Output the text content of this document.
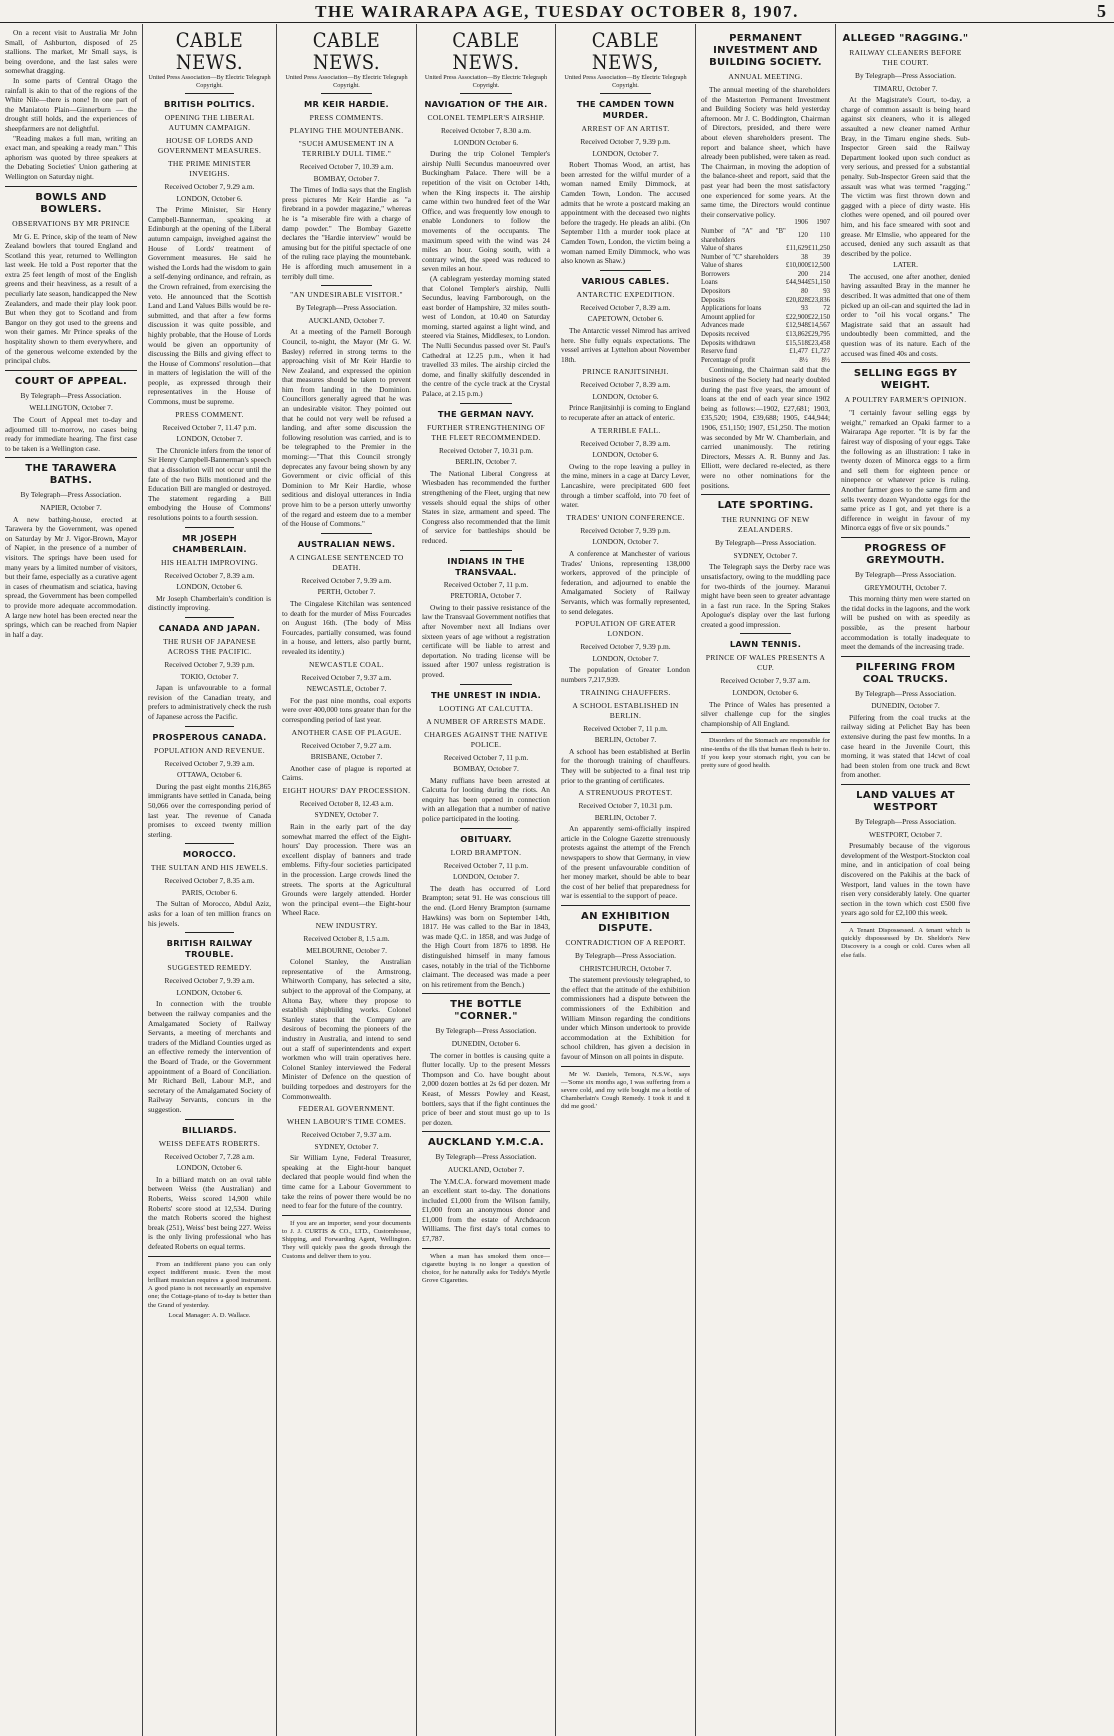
THE WAIRARAPA AGE, TUESDAY OCTOBER 8, 1907.	5

On a recent visit to Australia Mr John Small, of Ashburton, disposed of 25 stallions. The market, Mr Small says, is being overdone, and the last sales were somewhat dragging.

In some parts of Central Otago the rainfall is akin to that of the regions of the White Nile—there is none! In one part of the Maniatoto Plain—Ginnerburn — the drought still holds, and the experiences of sheepfarmers are not delightful.

"Reading makes a full man, writing an exact man, and speaking a ready man." This aphorism was quoted by three speakers at the Debating Societies' Union gathering at Wellington on Saturday night.

BOWLS AND BOWLERS.
OBSERVATIONS BY MR PRINCE

Mr G. E. Prince, skip of the team of New Zealand bowlers that toured England and Scotland this year, returned to Wellington last week. He told a Post reporter that the extra 25 feet length of most of the English greens and their heaviness, as a result of a peculiarly late season, handicapped the New Zealanders, and made their play look poor. But when they got to Scotland and from Bangor on they got used to the greens and won their games. Mr Prince speaks of the hospitality shown to them everywhere, and of the generous welcome extended by the principal clubs.

COURT OF APPEAL.
By Telegraph—Press Association.
WELLINGTON, October 7.

The Court of Appeal met to-day and adjourned till to-morrow, no cases being ready for immediate hearing. The first case to be taken is a Wellington case.

THE TARAWERA BATHS.
By Telegraph—Press Association.
NAPIER, October 7.

A new bathing-house, erected at Tarawera by the Government, was opened on Saturday by Mr J. Vigor-Brown, Mayor of Napier, in the presence of a number of visitors. The springs have been used for many years by a limited number of visitors, but their fame, especially as a curative agent in cases of rheumatism and sciatica, having spread, the Government has been compelled to provide more adequate accommodation. A large new hotel has been erected near the springs, which can be reached from Napier in half a day.

CABLE NEWS.
United Press Association—By Electric Telegraph Copyright.
BRITISH POLITICS.
OPENING THE LIBERAL AUTUMN CAMPAIGN.
HOUSE OF LORDS AND GOVERNMENT MEASURES.
THE PRIME MINISTER INVEIGHS.
Received October 7, 9.29 a.m.
LONDON, October 6.

The Prime Minister, Sir Henry Campbell-Bannerman, speaking at Edinburgh at the opening of the Liberal autumn campaign, inveighed against the House of Lords' treatment of Government measures. He said he wished the Lords had the wisdom to gain a self-denying ordinance, and refrain, as the Crown refrained, from exercising the veto. He announced that the Scottish Land and Land Values Bills would be re-submitted, and that after a few forms discussion it was quite possible, and highly probable, that the House of Lords would be given an opportunity of discussing the Bills and giving effect to the House of Commons' resolution—that in matters of legislation the will of the people, as expressed through their representatives in the House of Commons, must be supreme.

PRESS COMMENT.
Received October 7, 11.47 p.m.
LONDON, October 7.

The Chronicle infers from the tenor of Sir Henry Campbell-Bannerman's speech that a dissolution will not occur until the fate of the two Bills mentioned and the Education Bill are mangled or destroyed. The statement regarding a Bill embodying the House of Commons' resolutions points to a fourth session.

MR JOSEPH CHAMBERLAIN.
HIS HEALTH IMPROVING.
Received October 7, 8.39 a.m.
LONDON, October 6.

Mr Joseph Chamberlain's condition is distinctly improving.

CANADA AND JAPAN.
THE RUSH OF JAPANESE ACROSS THE PACIFIC.
Received October 7, 9.39 p.m.
TOKIO, October 7.

Japan is unfavourable to a formal revision of the Canadian treaty, and prefers to administratively check the rush of Japanese across the Pacific.

PROSPEROUS CANADA.
POPULATION AND REVENUE.
Received October 7, 9.39 a.m.
OTTAWA, October 6.

During the past eight months 216,865 immigrants have settled in Canada, being 50,066 over the corresponding period of last year. The revenue of Canada promises to exceed twenty million sterling.

MOROCCO.
THE SULTAN AND HIS JEWELS.
Received October 7, 8.35 a.m.
PARIS, October 6.

The Sultan of Morocco, Abdul Aziz, asks for a loan of ten million francs on his jewels.

BRITISH RAILWAY TROUBLE.
SUGGESTED REMEDY.
Received October 7, 9.39 a.m.
LONDON, October 6.

In connection with the trouble between the railway companies and the Amalgamated Society of Railway Servants, a meeting of merchants and traders of the Midland Counties urged as an effective remedy the intervention of the Board of Trade, or the Government appointment of a Board of Conciliation. Mr Richard Bell, Labour M.P., and secretary of the Amalgamated Society of Railway Servants, concurs in the suggestion.

BILLIARDS.
WEISS DEFEATS ROBERTS.
Received October 7, 7.28 a.m.
LONDON, October 6.

In a billiard match on an oval table between Weiss (the Australian) and Roberts, Weiss scored 14,900 while Roberts' score stood at 12,534. During the match Roberts scored the highest break (251), Weiss' best being 227. Weiss is the only living professional who has defeated Roberts on equal terms.

From an indifferent piano you can only expect indifferent music. Even the most brilliant musician requires a good instrument. A good piano is not necessarily an expensive one; the Cottage-piano of to-day is better than the Grand of yesterday.

Local Manager: A. D. Wallace.
CABLE NEWS.
United Press Association—By Electric Telegraph Copyright.
MR KEIR HARDIE.
PRESS COMMENTS.
PLAYING THE MOUNTEBANK.
"SUCH AMUSEMENT IN A TERRIBLY DULL TIME."
Received October 7, 10.39 a.m.
BOMBAY, October 7.

The Times of India says that the English press pictures Mr Keir Hardie as "a firebrand in a powder magazine," whereas he is "a miserable fire with a charge of damp powder." The Bombay Gazette declares the "Hardie interview" would be amusing but for the pitiful spectacle of one of the ruling race playing the mountebank. He is affording much amusement in a terribly dull time.

"AN UNDESIRABLE VISITOR."
By Telegraph—Press Association.
AUCKLAND, October 7.

At a meeting of the Parnell Borough Council, to-night, the Mayor (Mr G. W. Basley) referred in strong terms to the approaching visit of Mr Keir Hardie to New Zealand, and expressed the opinion that measures should be taken to prevent him from landing in the Dominion. Councillors generally agreed that he was an undesirable visitor. They pointed out that he could not very well be refused a landing, and after some discussion the following resolution was carried, and is to be telegraphed to the Premier in the morning:—"That this Council strongly deprecates any favour being shown by any Government or civic official of this Dominion to Mr Keir Hardie, whose seditious and disloyal utterances in India prove him to be a person utterly unworthy of the regard and esteem due to a member of the House of Commons."

AUSTRALIAN NEWS.
A CINGALESE SENTENCED TO DEATH.
Received October 7, 9.39 a.m.
PERTH, October 7.

The Cingalese Kitchilan was sentenced to death for the murder of Miss Fourcades on August 16th. (The body of Miss Fourcades, partially consumed, was found in a house, and letters, also partly burnt, revealed its identity.)

NEWCASTLE COAL.
Received October 7, 9.37 a.m.
NEWCASTLE, October 7.

For the past nine months, coal exports were over 400,000 tons greater than for the corresponding period of last year.

ANOTHER CASE OF PLAGUE.
Received October 7, 9.27 a.m.
BRISBANE, October 7.

Another case of plague is reported at Cairns.

EIGHT HOURS' DAY PROCESSION.
Received October 8, 12.43 a.m.
SYDNEY, October 7.

Rain in the early part of the day somewhat marred the effect of the Eight-hours' Day procession. There was an excellent display of banners and trade emblems. Fifty-four societies participated in the procession. Large crowds lined the streets. The sports at the Agricultural Grounds were largely attended. Horder won the principal event—the Eight-hour Wheel Race.

NEW INDUSTRY.
Received October 8, 1.5 a.m.
MELBOURNE, October 7.

Colonel Stanley, the Australian representative of the Armstrong, Whitworth Company, has selected a site, subject to the approval of the Company, at Altona Bay, where they propose to establish shipbuilding works. Colonel Stanley states that the Company are desirous of becoming the pioneers of the industry in Australia, and intend to send out a staff of superintendents and expert workmen who will train operatives here. Colonel Stanley interviewed the Federal Minister of Defence on the question of building torpedoes and destroyers for the Commonwealth.

FEDERAL GOVERNMENT.
WHEN LABOUR'S TIME COMES.
Received October 7, 9.37 a.m.
SYDNEY, October 7.

Sir William Lyne, Federal Treasurer, speaking at the Eight-hour banquet declared that people would find when the time came for a Labour Government to take the reins of power there would be no need to fear for the future of the country.

If you are an importer, send your documents to J. J. CURTIS & CO., LTD., Customhouse, Shipping, and Forwarding Agent, Wellington. They will quickly pass the goods through the Customs and deliver them to you.

CABLE NEWS.
United Press Association—By Electric Telegraph Copyright.
NAVIGATION OF THE AIR.
COLONEL TEMPLER'S AIRSHIP.
Received October 7, 8.30 a.m.
LONDON October 6.

During the trip Colonel Templer's airship Nulli Secundus manoeuvred over Buckingham Palace. There will be a repetition of the visit on October 14th, when the King inspects it. The airship came within two hundred feet of the War Office, and was frequently low enough to enable Londoners to follow the movements of the occupants. The maximum speed with the wind was 24 miles an hour. Going south, with a contrary wind, the speed was reduced to seven miles an hour.

(A cablegram yesterday morning stated that Colonel Templer's airship, Nulli Secundus, leaving Farnborough, on the east border of Hampshire, 32 miles south-west of London, at 10.40 on Saturday morning, started against a light wind, and steered via Staines, Middlesex, to London. The Nulli Secundus passed over St. Paul's Cathedral at 12.25 p.m., when it had travelled 33 miles. The airship circled the dome, and finally skilfully descended in the centre of the cycle track at the Crystal Palace, at 2.15 p.m.)

THE GERMAN NAVY.
FURTHER STRENGTHENING OF THE FLEET RECOMMENDED.
Received October 7, 10.31 p.m.
BERLIN, October 7.

The National Liberal Congress at Wiesbaden has recommended the further strengthening of the Fleet, urging that new vessels should equal the ships of other States in size, armament and speed. The Congress also recommended that the limit of service for battleships should be reduced.

INDIANS IN THE TRANSVAAL.
Received October 7, 11 p.m.
PRETORIA, October 7.

Owing to their passive resistance of the law the Transvaal Government notifies that after November next all Indians over sixteen years of age without a registration certificate will be liable to arrest and deportation. No trading license will be issued after 1907 unless registration is proved.

THE UNREST IN INDIA.
LOOTING AT CALCUTTA.
A NUMBER OF ARRESTS MADE.
CHARGES AGAINST THE NATIVE POLICE.
Received October 7, 11 p.m.
BOMBAY, October 7.

Many ruffians have been arrested at Calcutta for looting during the riots. An enquiry has been opened in connection with an allegation that a number of native police participated in the looting.

OBITUARY.
LORD BRAMPTON.
Received October 7, 11 p.m.
LONDON, October 7.

The death has occurred of Lord Brampton; setat 91. He was conscious till the end. (Lord Henry Brampton (surname Hawkins) was born on September 14th, 1817. He was called to the Bar in 1843, was made Q.C. in 1858, and was Judge of the High Court from 1876 to 1898. He distinguished himself in many famous cases, notably in the trial of the Tichborne claimant. The deceased was made a peer on his retirement from the Bench.)

THE BOTTLE "CORNER."
By Telegraph—Press Association.
DUNEDIN, October 6.

The corner in bottles is causing quite a flutter locally. Up to the present Messrs Thompson and Co. have bought about 2,000 dozen bottles at 2s 6d per dozen. Mr Keast, of Messrs Powley and Keast, bottlers, says that if the fight continues the price of beer and stout must go up to 1s per dozen.

AUCKLAND Y.M.C.A.
By Telegraph—Press Association.
AUCKLAND, October 7.

The Y.M.C.A. forward movement made an excellent start to-day. The donations included £1,000 from the Wilson family, £1,000 from an anonymous donor and £1,000 from the estate of Archdeacon Williams. The first day's total comes to £7,787.

When a man has smoked them once—cigarette buying is no longer a question of choice, for he naturally asks for Teddy's Myrtle Grove Cigarettes.

CABLE NEWS,
United Press Association—By Electric Telegraph Copyright.
THE CAMDEN TOWN MURDER.
ARREST OF AN ARTIST.
Received October 7, 9.39 p.m.
LONDON, October 7.

Robert Thomas Wood, an artist, has been arrested for the wilful murder of a woman named Emily Dimmock, at Camden Town, London. The accused admits that he wrote a postcard making an appointment with the deceased two nights before the tragedy. He pleads an alibi. (On September 11th a murder took place at Camden Town, London, the victim being a woman named Emily Dimmock, who was also known as Shaw.)

VARIOUS CABLES.
ANTARCTIC EXPEDITION.
Received October 7, 8.39 a.m.
CAPETOWN, October 6.

The Antarctic vessel Nimrod has arrived here. She fully equals expectations. The vessel arrives at Lyttelton about November 18th.

PRINCE RANJITSINHJI.
Received October 7, 8.39 a.m.
LONDON, October 6.

Prince Ranjitsinhji is coming to England to recuperate after an attack of enteric.

A TERRIBLE FALL.
Received October 7, 8.39 a.m.
LONDON, October 6.

Owing to the rope leaving a pulley in the mine, miners in a cage at Darcy Lever, Lancashire, were precipitated 600 feet through a timber scaffold, into 70 feet of water.

TRADES' UNION CONFERENCE.
Received October 7, 9.39 p.m.
LONDON, October 7.

A conference at Manchester of various Trades' Unions, representing 138,000 workers, approved of the principle of federation, and adjourned to enable the Amalgamated Society of Railway Servants, which was formally represented, to send delegates.

POPULATION OF GREATER LONDON.
Received October 7, 9.39 p.m.
LONDON, October 7.

The population of Greater London numbers 7,217,939.

TRAINING CHAUFFERS.
A SCHOOL ESTABLISHED IN BERLIN.
Received October 7, 11 p.m.
BERLIN, October 7.

A school has been established at Berlin for the thorough training of chauffeurs. They will be subjected to a final test trip prior to the granting of certificates.

A STRENUOUS PROTEST.
Received October 7, 10.31 p.m.
BERLIN, October 7.

An apparently semi-officially inspired article in the Cologne Gazette strenuously protests against the attempt of the French newspapers to show that Germany, in view of the present unfavourable condition of her money market, should be able to bear the cost of her belief that preparedness for war is essential to the support of peace.

AN EXHIBITION DISPUTE.
CONTRADICTION OF A REPORT.
By Telegraph—Press Association.
CHRISTCHURCH, October 7.

The statement previously telegraphed, to the effect that the attitude of the exhibition commissioners had a dispute between the commissioners of the Exhibition and William Minson regarding the conditions under which Minson undertook to provide accommodation at the Exhibition for school children, has given a decision in favour of Minson on all points in dispute.

Mr W. Daniels, Temora, N.S.W., says—'Some six months ago, I was suffering from a severe cold, and my wife bought me a bottle of Chamberlain's Cough Remedy. I took it and it did me good.'

PERMANENT INVESTMENT AND BUILDING SOCIETY.
ANNUAL MEETING.

The annual meeting of the shareholders of the Masterton Permanent Investment and Building Society was held yesterday afternoon. Mr J. C. Boddington, Chairman of Directors, presided, and there were about eleven shareholders present. The report and balance sheet, which have already been published, were taken as read. The Chairman, in moving the adoption of the balance-sheet and report, said that the past year had been the most satisfactory one experienced for some years. At the same time, the Directors would continue their conservative policy.

	1906	1907
Number of "A" and "B" shareholders	120	110
Value of shares	£11,629	£11,250
Number of "C" shareholders	38	39
Value of shares	£10,000	£12,500
Borrowers	200	214
Loans	£44,944	£51,150
Depositors	80	93
Deposits	£20,828	£23,836
Applications for loans	93	72
Amount applied for	£22,900	£22,150
Advances made	£12,948	£14,567
Deposits received	£13,862	£29,795
Deposits withdrawn	£15,518	£23,458
Reserve fund	£1,477	£1,727
Percentage of profit	8½	8½

Continuing, the Chairman said that the business of the Society had nearly doubled during the past five years, the amount of loans at the end of each year since 1902 being as follows:—1902, £27,681; 1903, £35,520; 1904, £39,688; 1905, £44,944; 1906, £51,150; 1907, £51,250. The motion was seconded by Mr W. Chamberlain, and carried unanimously. The retiring Directors, Messrs A. R. Bunny and Jas. Elliott, were declared re-elected, as there were no other nominations for the positions.

LATE SPORTING.
THE RUNNING OF NEW ZEALANDERS.
By Telegraph—Press Association.
SYDNEY, October 7.

The Telegraph says the Derby race was unsatisfactory, owing to the muddling pace for two-thirds of the journey. Maranui might have been seen to greater advantage in a fast run race. In the Spring Stakes Apologue's display over the last furlong created a good impression.

LAWN TENNIS.
PRINCE OF WALES PRESENTS A CUP.
Received October 7, 9.37 a.m.
LONDON, October 6.

The Prince of Wales has presented a silver challenge cup for the singles championship of All England.

Disorders of the Stomach are responsible for nine-tenths of the ills that human flesh is heir to. If you keep your stomach right, you can be pretty sure of good health.

ALLEGED "RAGGING."
RAILWAY CLEANERS BEFORE THE COURT.
By Telegraph—Press Association.
TIMARU, October 7.

At the Magistrate's Court, to-day, a charge of common assault is being heard against six cleaners, who it is alleged assaulted a new cleaner named Arthur Bray, in the Timaru engine sheds. Sub-Inspector Green said the Railway Department looked upon such conduct as very serious, and pressed for a substantial penalty. Sub-Inspector Green said that the assault was what was termed "ragging." The victim was first thrown down and gagged with a piece of dirty waste. His clothes were opened, and oil poured over him, and his face smeared with soot and grease. Mr Elmslie, who appeared for the accused, denied any such assault as that described by the police.

LATER.

The accused, one after another, denied having assaulted Bray in the manner he described. It was admitted that one of them picked up an oil-can and squirted the lad in order to "oil his vocal organs." The Magistrate said that an assault had undoubtedly been committed, and the question was of its nature. Each of the accused was fined 40s and costs.

SELLING EGGS BY WEIGHT.
A POULTRY FARMER'S OPINION.

"I certainly favour selling eggs by weight," remarked an Opaki farmer to a Wairarapa Age reporter. "It is by far the fairest way of disposing of your eggs. Take the following as an illustration: I take in twenty dozen of Minorca eggs to a firm and sell them for eighteen pence or ninepence or whatever price is ruling. Another farmer goes to the same firm and sells twenty dozen Wyandotte eggs for the same price as I got, and yet there is a difference in weight in favour of my Minorca eggs of five or six pounds."

PROGRESS OF GREYMOUTH.
By Telegraph—Press Association.
GREYMOUTH, October 7.

This morning thirty men were started on the tidal docks in the lagoons, and the work will be pushed on with as speedily as possible, as the present harbour accommodation is totally inadequate to meet the demands of the increasing trade.

PILFERING FROM COAL TRUCKS.
By Telegraph—Press Association.
DUNEDIN, October 7.

Pilfering from the coal trucks at the railway siding at Pelichet Bay has been extensive during the past few months. In a case heard in the Juvenile Court, this morning, it was stated that 14cwt of coal had been stolen from one truck and 8cwt from another.

LAND VALUES AT WESTPORT
By Telegraph—Press Association.
WESTPORT, October 7.

Presumably because of the vigorous development of the Westport-Stockton coal mine, and in anticipation of coal being discovered on the Pakihis at the back of Westport, land values in the town have risen very considerably lately. One quarter section in the town which cost £500 five years ago sold for £2,100 this week.

A Tenant Dispossessed. A tenant which is quickly dispossessed by Dr. Sheldon's New Discovery is a cough or cold. Cures when all else fails.
